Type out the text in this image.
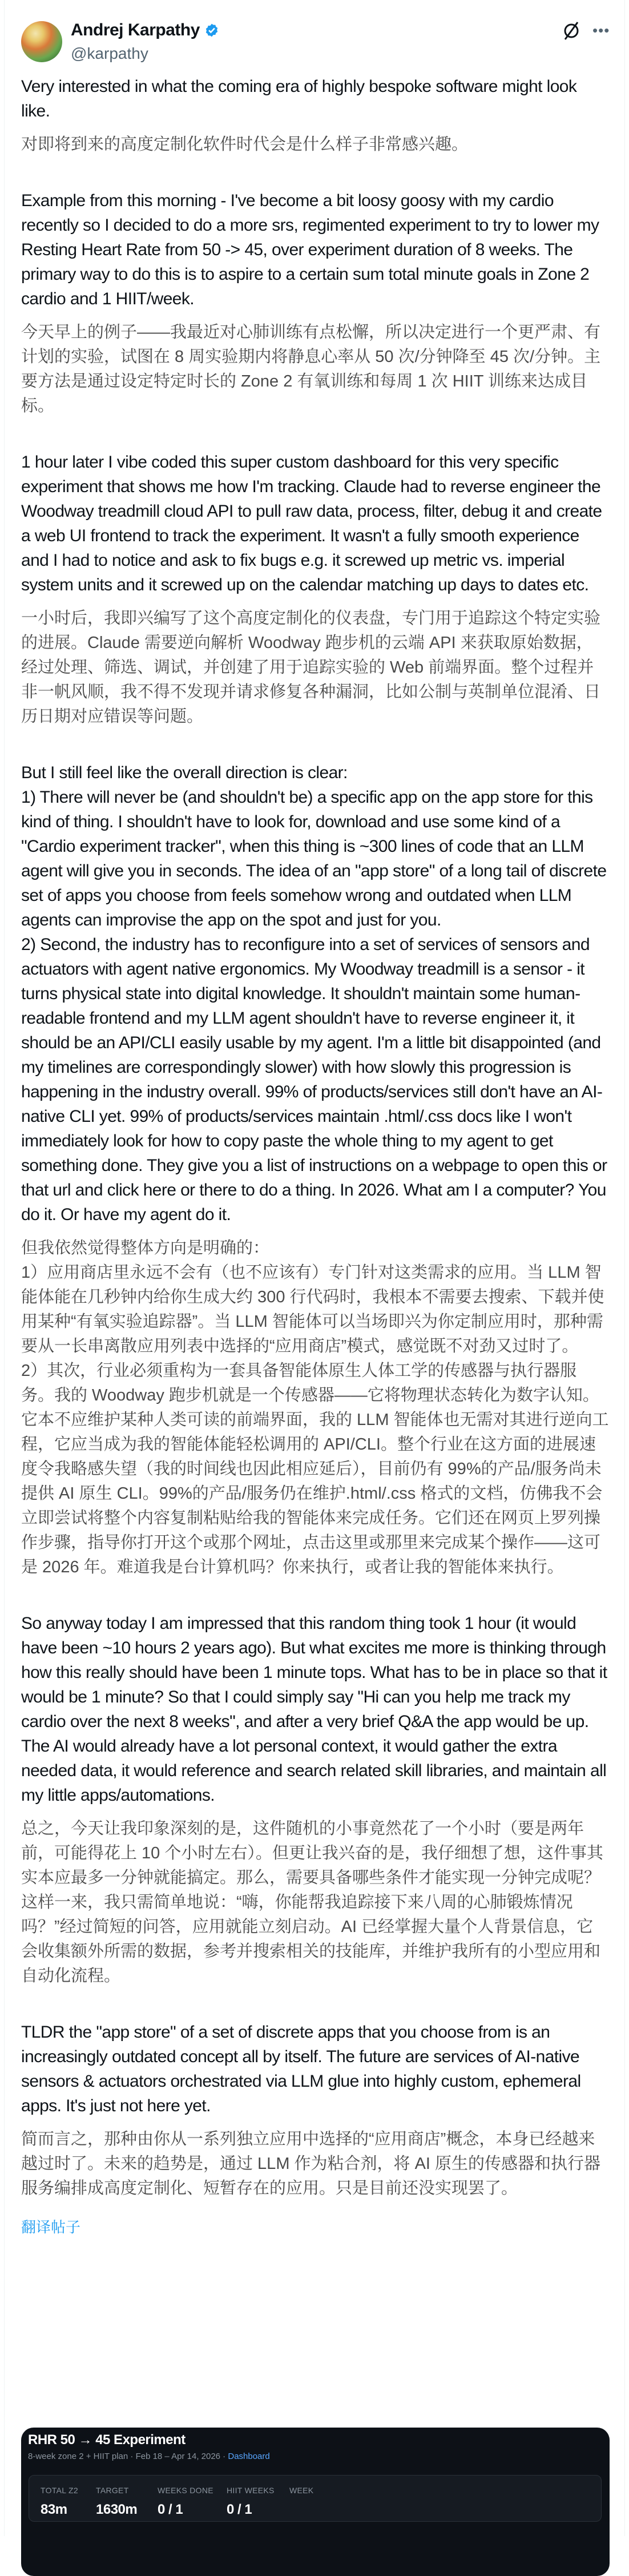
Andrej Karpathy
@karpathy
•••

Very interested in what the coming era of highly bespoke software might look like.

对即将到来的高度定制化软件时代会是什么样子非常感兴趣。

Example from this morning - I've become a bit loosy goosy with my cardio recently so I decided to do a more srs, regimented experiment to try to lower my Resting Heart Rate from 50 -> 45, over experiment duration of 8 weeks. The primary way to do this is to aspire to a certain sum total minute goals in Zone 2 cardio and 1 HIIT/week.

今天早上的例子——我最近对心肺训练有点松懈，所以决定进行一个更严肃、有计划的实验，试图在 8 周实验期内将静息心率从 50 次/分钟降至 45 次/分钟。主要方法是通过设定特定时长的 Zone 2 有氧训练和每周 1 次 HIIT 训练来达成目标。

1 hour later I vibe coded this super custom dashboard for this very specific experiment that shows me how I'm tracking. Claude had to reverse engineer the Woodway treadmill cloud API to pull raw data, process, filter, debug it and create a web UI frontend to track the experiment. It wasn't a fully smooth experience and I had to notice and ask to fix bugs e.g. it screwed up metric vs. imperial system units and it screwed up on the calendar matching up days to dates etc.

一小时后，我即兴编写了这个高度定制化的仪表盘，专门用于追踪这个特定实验的进展。Claude 需要逆向解析 Woodway 跑步机的云端 API 来获取原始数据，经过处理、筛选、调试，并创建了用于追踪实验的 Web 前端界面。整个过程并非一帆风顺，我不得不发现并请求修复各种漏洞，比如公制与英制单位混淆、日历日期对应错误等问题。

But I still feel like the overall direction is clear:
1) There will never be (and shouldn't be) a specific app on the app store for this kind of thing. I shouldn't have to look for, download and use some kind of a "Cardio experiment tracker", when this thing is ~300 lines of code that an LLM agent will give you in seconds. The idea of an "app store" of a long tail of discrete set of apps you choose from feels somehow wrong and outdated when LLM agents can improvise the app on the spot and just for you.
2) Second, the industry has to reconfigure into a set of services of sensors and actuators with agent native ergonomics. My Woodway treadmill is a sensor - it turns physical state into digital knowledge. It shouldn't maintain some human-readable frontend and my LLM agent shouldn't have to reverse engineer it, it should be an API/CLI easily usable by my agent. I'm a little bit disappointed (and my timelines are correspondingly slower) with how slowly this progression is happening in the industry overall. 99% of products/services still don't have an AI-native CLI yet. 99% of products/services maintain .html/.css docs like I won't immediately look for how to copy paste the whole thing to my agent to get something done. They give you a list of instructions on a webpage to open this or that url and click here or there to do a thing. In 2026. What am I a computer? You do it. Or have my agent do it.

但我依然觉得整体方向是明确的：
1）应用商店里永远不会有（也不应该有）专门针对这类需求的应用。当 LLM 智能体能在几秒钟内给你生成大约 300 行代码时，我根本不需要去搜索、下载并使用某种“有氧实验追踪器”。当 LLM 智能体可以当场即兴为你定制应用时，那种需要从一长串离散应用列表中选择的“应用商店”模式，感觉既不对劲又过时了。
2）其次，行业必须重构为一套具备智能体原生人体工学的传感器与执行器服务。我的 Woodway 跑步机就是一个传感器——它将物理状态转化为数字认知。它本不应维护某种人类可读的前端界面，我的 LLM 智能体也无需对其进行逆向工程，它应当成为我的智能体能轻松调用的 API/CLI。整个行业在这方面的进展速度令我略感失望（我的时间线也因此相应延后），目前仍有 99%的产品/服务尚未提供 AI 原生 CLI。99%的产品/服务仍在维护.html/.css 格式的文档，仿佛我不会立即尝试将整个内容复制粘贴给我的智能体来完成任务。它们还在网页上罗列操作步骤，指导你打开这个或那个网址，点击这里或那里来完成某个操作——这可是 2026 年。难道我是台计算机吗？你来执行，或者让我的智能体来执行。

So anyway today I am impressed that this random thing took 1 hour (it would have been ~10 hours 2 years ago). But what excites me more is thinking through how this really should have been 1 minute tops. What has to be in place so that it would be 1 minute? So that I could simply say "Hi can you help me track my cardio over the next 8 weeks", and after a very brief Q&A the app would be up. The AI would already have a lot personal context, it would gather the extra needed data, it would reference and search related skill libraries, and maintain all my little apps/automations.

总之，今天让我印象深刻的是，这件随机的小事竟然花了一个小时（要是两年前，可能得花上 10 个小时左右）。但更让我兴奋的是，我仔细想了想，这件事其实本应最多一分钟就能搞定。那么，需要具备哪些条件才能实现一分钟完成呢？这样一来，我只需简单地说：“嗨，你能帮我追踪接下来八周的心肺锻炼情况吗？”经过简短的问答，应用就能立刻启动。AI 已经掌握大量个人背景信息，它会收集额外所需的数据，参考并搜索相关的技能库，并维护我所有的小型应用和自动化流程。

TLDR the "app store" of a set of discrete apps that you choose from is an increasingly outdated concept all by itself. The future are services of AI-native sensors & actuators orchestrated via LLM glue into highly custom, ephemeral apps. It's just not here yet.

简而言之，那种由你从一系列独立应用中选择的“应用商店”概念，本身已经越来越过时了。未来的趋势是，通过 LLM 作为粘合剂，将 AI 原生的传感器和执行器服务编排成高度定制化、短暂存在的应用。只是目前还没实现罢了。

翻译帖子
RHR 50 → 45 Experiment
8-week zone 2 + HIIT plan · Feb 18 – Apr 14, 2026 · Dashboard
TOTAL Z2
83m
TARGET
1630m
WEEKS DONE
0 / 1
HIIT WEEKS
0 / 1
WEEK
